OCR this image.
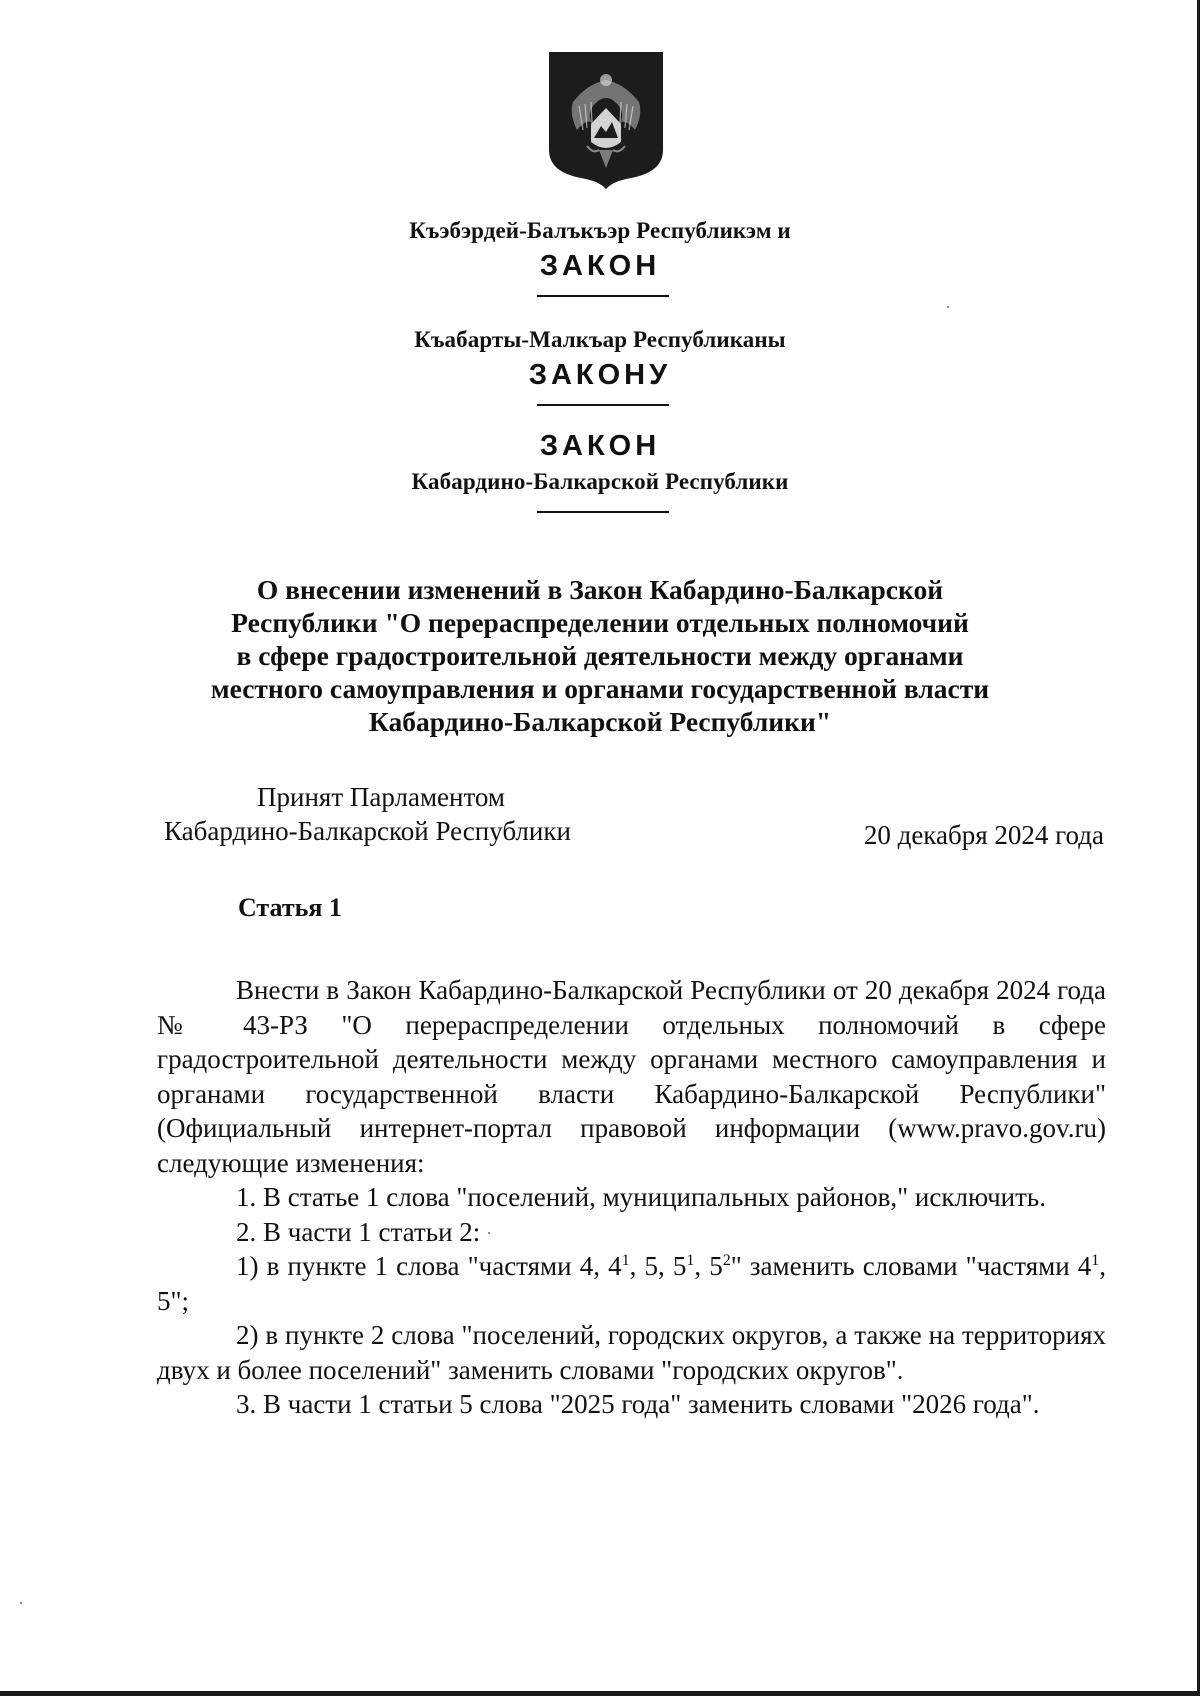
Къэбэрдей-Балъкъэр Республикэм и
ЗАКОН
Къабарты-Малкъар Республиканы
ЗАКОНУ
ЗАКОН
Кабардино-Балкарской Республики
О внесении изменений в Закон Кабардино-Балкарской
Республики "О перераспределении отдельных полномочий
в сфере градостроительной деятельности между органами
местного самоуправления и органами государственной власти
Кабардино-Балкарской Республики"
Принят Парламентом
Кабардино-Балкарской Республики	20 декабря 2024 года
Статья 1

Внести в Закон Кабардино-Балкарской Республики от 20 декабря 2024 года № 43-РЗ "О перераспределении отдельных полномочий в сфере градостроительной деятельности между органами местного самоуправления и органами государственной власти Кабардино-Балкарской Республики" (Официальный интернет-портал правовой информации (www.pravo.gov.ru) следующие изменения:

1. В статье 1 слова "поселений, муниципальных районов," исключить.

2. В части 1 статьи 2:

1) в пункте 1 слова "частями 4, $4^1$, 5, $5^1$, $5^2$" заменить словами "частями $4^1$, 5";

2) в пункте 2 слова "поселений, городских округов, а также на территориях двух и более поселений" заменить словами "городских округов".

3. В части 1 статьи 5 слова "2025 года" заменить словами "2026 года".
